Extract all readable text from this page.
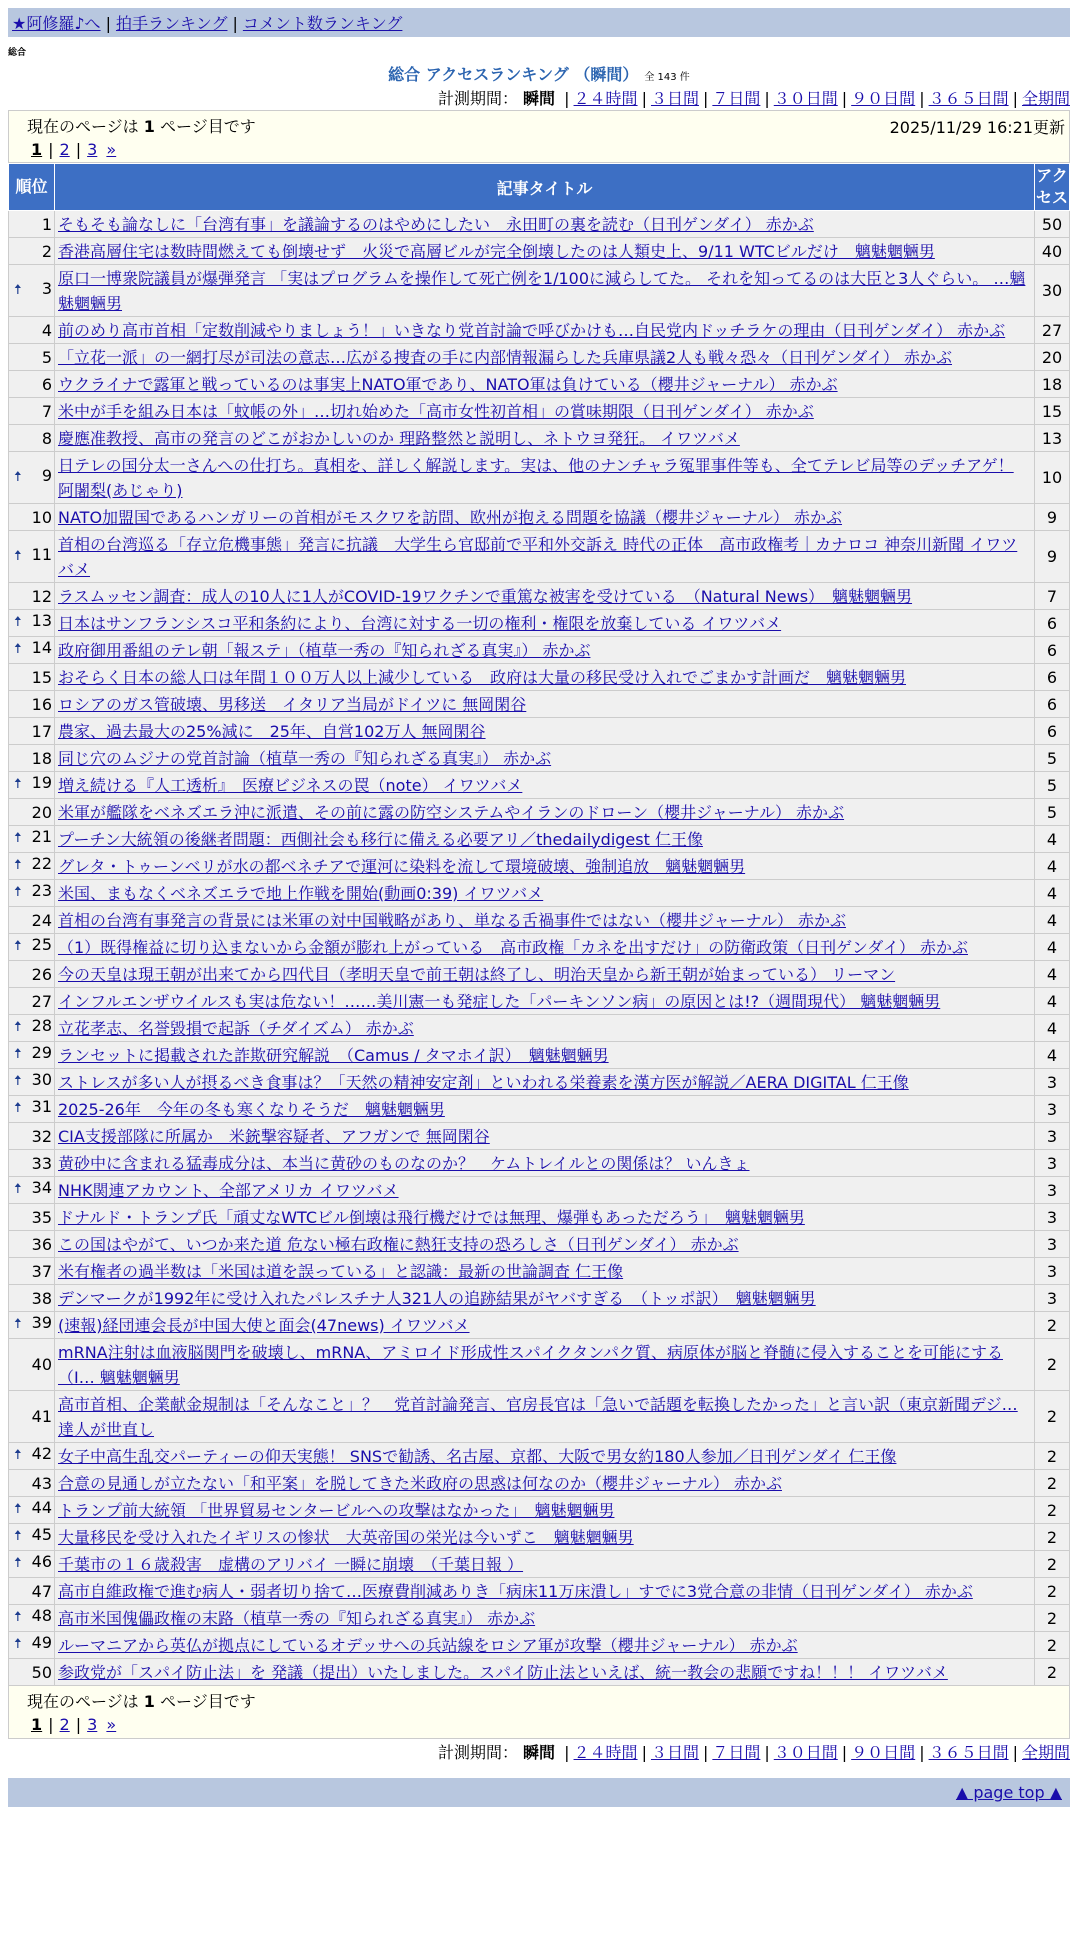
★阿修羅♪へ | 拍手ランキング | コメント数ランキング
総合
総合 アクセスランキング （瞬間） 全 143 件
計測期間： 瞬間 | ２４時間 | ３日間 | ７日間 | ３０日間 | ９０日間 | ３６５日間 | 全期間
現在のページは 1 ページ目です	2025/11/29 16:21更新
1 | 2 | 3 »
順位	記事タイトル	アクセス
1	そもそも論なしに「台湾有事」を議論するのはやめにしたい　永田町の裏を読む（日刊ゲンダイ） 赤かぶ	50
2	香港高層住宅は数時間燃えても倒壊せず　火災で高層ビルが完全倒壊したのは人類史上、9/11 WTCビルだけ　魑魅魍魎男	40

🠅 3	原口一博衆院議員が爆弾発言 「実はプログラムを操作して死亡例を1/100に減らしてた。 それを知ってるのは大臣と3人ぐらい。 …魑魅魍魎男	30
4	前のめり高市首相「定数削減やりましょう！」いきなり党首討論で呼びかけも…自民党内ドッチラケの理由（日刊ゲンダイ） 赤かぶ	27
5	「立花一派」の一網打尽が司法の意志…広がる捜査の手に内部情報漏らした兵庫県議2人も戦々恐々（日刊ゲンダイ） 赤かぶ	20
6	ウクライナで露軍と戦っているのは事実上NATO軍であり、NATO軍は負けている（櫻井ジャーナル） 赤かぶ	18
7	米中が手を組み日本は「蚊帳の外」…切れ始めた「高市女性初首相」の賞味期限（日刊ゲンダイ） 赤かぶ	15
8	慶應准教授、高市の発言のどこがおかしいのか 理路整然と説明し、ネトウヨ発狂。 イワツバメ	13

🠅 9	日テレの国分太一さんへの仕打ち。真相を、詳しく解説します。実は、他のナンチャラ冤罪事件等も、全てテレビ局等のデッチアゲ！ 阿闍梨(あじゃり)	10
10	NATO加盟国であるハンガリーの首相がモスクワを訪問、欧州が抱える問題を協議（櫻井ジャーナル） 赤かぶ	9

🠅 11	首相の台湾巡る「存立危機事態」発言に抗議　大学生ら官邸前で平和外交訴え 時代の正体　高市政権考｜カナロコ 神奈川新聞 イワツバメ	9
12	ラスムッセン調査：成人の10人に1人がCOVID-19ワクチンで重篤な被害を受けている　（Natural News）　魑魅魍魎男	7

🠅 13	日本はサンフランシスコ平和条約により、台湾に対する一切の権利・権限を放棄している イワツバメ	6

🠅 14	政府御用番組のテレ朝「報ステ」（植草一秀の『知られざる真実』） 赤かぶ	6
15	おそらく日本の総人口は年間１００万人以上減少している　政府は大量の移民受け入れでごまかす計画だ　魑魅魍魎男	6
16	ロシアのガス管破壊、男移送　イタリア当局がドイツに 無岡閑谷	6
17	農家、過去最大の25%減に　25年、自営102万人 無岡閑谷	6
18	同じ穴のムジナの党首討論（植草一秀の『知られざる真実』） 赤かぶ	5

🠅 19	増え続ける『人工透析』　医療ビジネスの罠（note） イワツバメ	5
20	米軍が艦隊をベネズエラ沖に派遣、その前に露の防空システムやイランのドローン（櫻井ジャーナル） 赤かぶ	5

🠅 21	プーチン大統領の後継者問題：西側社会も移行に備える必要アリ／thedailydigest 仁王像	4

🠅 22	グレタ・トゥーンベリが水の都ベネチアで運河に染料を流して環境破壊、強制追放　魑魅魍魎男	4

🠅 23	米国、まもなくベネズエラで地上作戦を開始(動画0:39) イワツバメ	4
24	首相の台湾有事発言の背景には米軍の対中国戦略があり、単なる舌禍事件ではない（櫻井ジャーナル） 赤かぶ	4

🠅 25	（1）既得権益に切り込まないから金額が膨れ上がっている　高市政権「カネを出すだけ」の防衛政策（日刊ゲンダイ） 赤かぶ	4
26	今の天皇は現王朝が出来てから四代目（孝明天皇で前王朝は終了し、明治天皇から新王朝が始まっている） リーマン	4
27	インフルエンザウイルスも実は危ない！……美川憲一も発症した「パーキンソン病」の原因とは!?（週間現代） 魑魅魍魎男	4

🠅 28	立花孝志、名誉毀損で起訴（チダイズム） 赤かぶ	4

🠅 29	ランセットに掲載された詐欺研究解説　（Camus / タマホイ訳）　魑魅魍魎男	4

🠅 30	ストレスが多い人が摂るべき食事は？「天然の精神安定剤」といわれる栄養素を漢方医が解説／AERA DIGITAL 仁王像	3

🠅 31	2025-26年　今年の冬も寒くなりそうだ　魑魅魍魎男	3
32	CIA支援部隊に所属か　米銃撃容疑者、アフガンで 無岡閑谷	3
33	黄砂中に含まれる猛毒成分は、本当に黄砂のものなのか？　ケムトレイルとの関係は？ いんきょ	3

🠅 34	NHK関連アカウント、全部アメリカ イワツバメ	3
35	ドナルド・トランプ氏「頑丈なWTCビル倒壊は飛行機だけでは無理、爆弾もあっただろう」　魑魅魍魎男	3
36	この国はやがて、いつか来た道 危ない極右政権に熱狂支持の恐ろしさ（日刊ゲンダイ） 赤かぶ	3
37	米有権者の過半数は「米国は道を誤っている」と認識：最新の世論調査 仁王像	3
38	デンマークが1992年に受け入れたパレスチナ人321人の追跡結果がヤバすぎる　（トッポ訳）　魑魅魍魎男	3

🠅 39	(速報)経団連会長が中国大使と面会(47news) イワツバメ	2
40	mRNA注射は血液脳関門を破壊し、mRNA、アミロイド形成性スパイクタンパク質、病原体が脳と脊髄に侵入することを可能にする（I… 魑魅魍魎男	2
41	高市首相、企業献金規制は「そんなこと」？　党首討論発言、官房長官は「急いで話題を転換したかった」と言い訳（東京新聞デジ… 達人が世直し	2

🠅 42	女子中高生乱交パーティーの仰天実態！ SNSで勧誘、名古屋、京都、大阪で男女約180人参加／日刊ゲンダイ 仁王像	2
43	合意の見通しが立たない「和平案」を脱してきた米政府の思惑は何なのか（櫻井ジャーナル） 赤かぶ	2

🠅 44	トランプ前大統領 「世界貿易センタービルへの攻撃はなかった」　魑魅魍魎男	2

🠅 45	大量移民を受け入れたイギリスの惨状　大英帝国の栄光は今いずこ　魑魅魍魎男	2

🠅 46	千葉市の１６歳殺害　虚構のアリバイ 一瞬に崩壊　（千葉日報 ）	2
47	高市自維政権で進む病人・弱者切り捨て…医療費削減ありき「病床11万床潰し」すでに3党合意の非情（日刊ゲンダイ） 赤かぶ	2

🠅 48	高市米国傀儡政権の末路（植草一秀の『知られざる真実』） 赤かぶ	2

🠅 49	ルーマニアから英仏が拠点にしているオデッサへの兵站線をロシア軍が攻撃（櫻井ジャーナル） 赤かぶ	2
50	参政党が「スパイ防止法」を 発議（提出）いたしました。スパイ防止法といえば、統一教会の悲願ですね！！！ イワツバメ	2
現在のページは 1 ページ目です
1 | 2 | 3 »
計測期間： 瞬間 | ２４時間 | ３日間 | ７日間 | ３０日間 | ９０日間 | ３６５日間 | 全期間
▲ page top ▲
